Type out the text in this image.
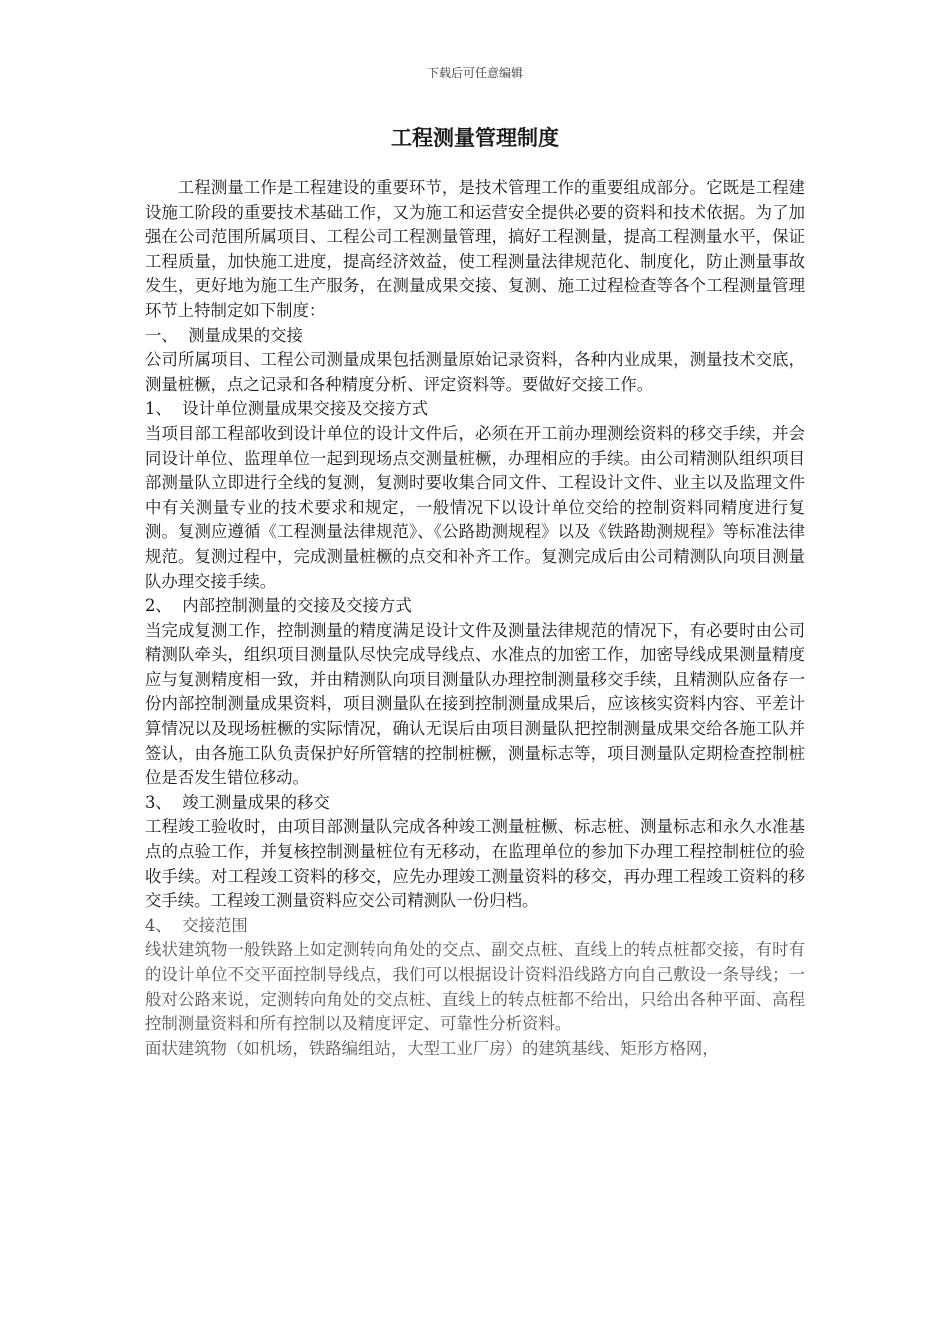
下载后可任意编辑
工程测量管理制度

工程测量工作是工程建设的重要环节，是技术管理工作的重要组成部分。它既是工程建设施工阶段的重要技术基础工作，又为施工和运营安全提供必要的资料和技术依据。为了加强在公司范围所属项目、工程公司工程测量管理，搞好工程测量，提高工程测量水平，保证工程质量，加快施工进度，提高经济效益，使工程测量法律规范化、制度化，防止测量事故发生，更好地为施工生产服务，在测量成果交接、复测、施工过程检查等各个工程测量管理环节上特制定如下制度：

一、  测量成果的交接

公司所属项目、工程公司测量成果包括测量原始记录资料，各种内业成果，测量技术交底，测量桩橛，点之记录和各种精度分析、评定资料等。要做好交接工作。

1、  设计单位测量成果交接及交接方式

当项目部工程部收到设计单位的设计文件后，必须在开工前办理测绘资料的移交手续，并会同设计单位、监理单位一起到现场点交测量桩橛，办理相应的手续。由公司精测队组织项目部测量队立即进行全线的复测，复测时要收集合同文件、工程设计文件、业主以及监理文件中有关测量专业的技术要求和规定，一般情况下以设计单位交给的控制资料同精度进行复测。复测应遵循《工程测量法律规范》、《公路勘测规程》以及《铁路勘测规程》等标准法律规范。复测过程中，完成测量桩橛的点交和补齐工作。复测完成后由公司精测队向项目测量队办理交接手续。

2、  内部控制测量的交接及交接方式

当完成复测工作，控制测量的精度满足设计文件及测量法律规范的情况下，有必要时由公司精测队牵头，组织项目测量队尽快完成导线点、水准点的加密工作，加密导线成果测量精度应与复测精度相一致，并由精测队向项目测量队办理控制测量移交手续，且精测队应备存一份内部控制测量成果资料，项目测量队在接到控制测量成果后，应该核实资料内容、平差计算情况以及现场桩橛的实际情况，确认无误后由项目测量队把控制测量成果交给各施工队并签认，由各施工队负责保护好所管辖的控制桩橛，测量标志等，项目测量队定期检查控制桩位是否发生错位移动。

3、  竣工测量成果的移交

工程竣工验收时，由项目部测量队完成各种竣工测量桩橛、标志桩、测量标志和永久水准基点的点验工作，并复核控制测量桩位有无移动，在监理单位的参加下办理工程控制桩位的验收手续。对工程竣工资料的移交，应先办理竣工测量资料的移交，再办理工程竣工资料的移交手续。工程竣工测量资料应交公司精测队一份归档。

4、  交接范围

线状建筑物一般铁路上如定测转向角处的交点、副交点桩、直线上的转点桩都交接，有时有的设计单位不交平面控制导线点，我们可以根据设计资料沿线路方向自己敷设一条导线；一般对公路来说，定测转向角处的交点桩、直线上的转点桩都不给出，只给出各种平面、高程控制测量资料和所有控制以及精度评定、可靠性分析资料。

面状建筑物（如机场，铁路编组站，大型工业厂房）的建筑基线、矩形方格网，
